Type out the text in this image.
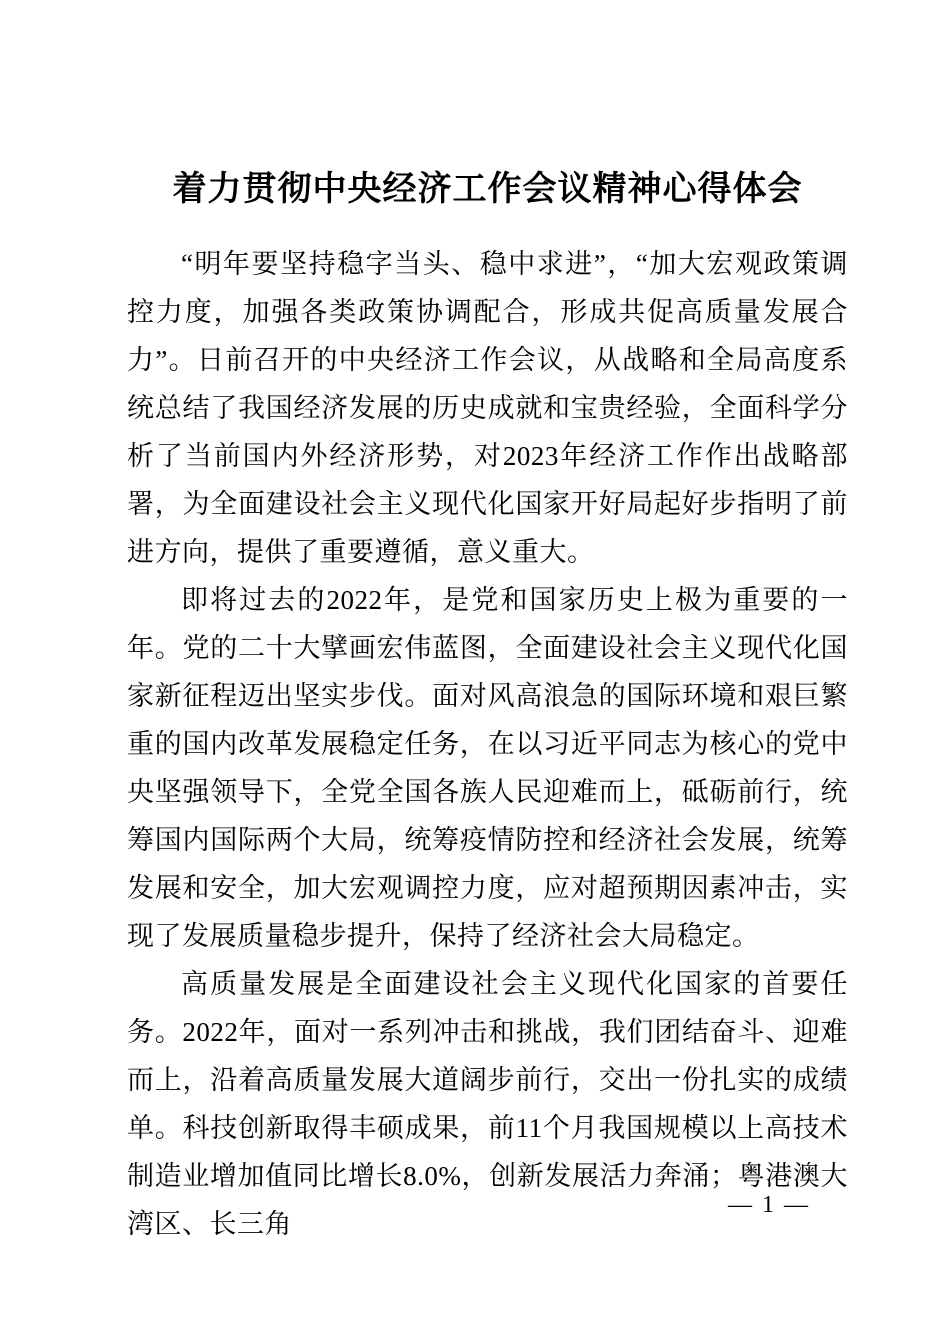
着力贯彻中央经济工作会议精神心得体会

“明年要坚持稳字当头、稳中求进”，“加大宏观政策调控力度，加强各类政策协调配合，形成共促高质量发展合力”。日前召开的中央经济工作会议，从战略和全局高度系统总结了我国经济发展的历史成就和宝贵经验，全面科学分析了当前国内外经济形势，对2023年经济工作作出战略部署，为全面建设社会主义现代化国家开好局起好步指明了前进方向，提供了重要遵循，意义重大。

即将过去的2022年，是党和国家历史上极为重要的一年。党的二十大擘画宏伟蓝图，全面建设社会主义现代化国家新征程迈出坚实步伐。面对风高浪急的国际环境和艰巨繁重的国内改革发展稳定任务，在以习近平同志为核心的党中央坚强领导下，全党全国各族人民迎难而上，砥砺前行，统筹国内国际两个大局，统筹疫情防控和经济社会发展，统筹发展和安全，加大宏观调控力度，应对超预期因素冲击，实现了发展质量稳步提升，保持了经济社会大局稳定。

高质量发展是全面建设社会主义现代化国家的首要任务。2022年，面对一系列冲击和挑战，我们团结奋斗、迎难而上，沿着高质量发展大道阔步前行，交出一份扎实的成绩单。科技创新取得丰硕成果，前11个月我国规模以上高技术制造业增加值同比增长8.0%，创新发展活力奔涌；粤港澳大湾区、长三角

— 1 —
